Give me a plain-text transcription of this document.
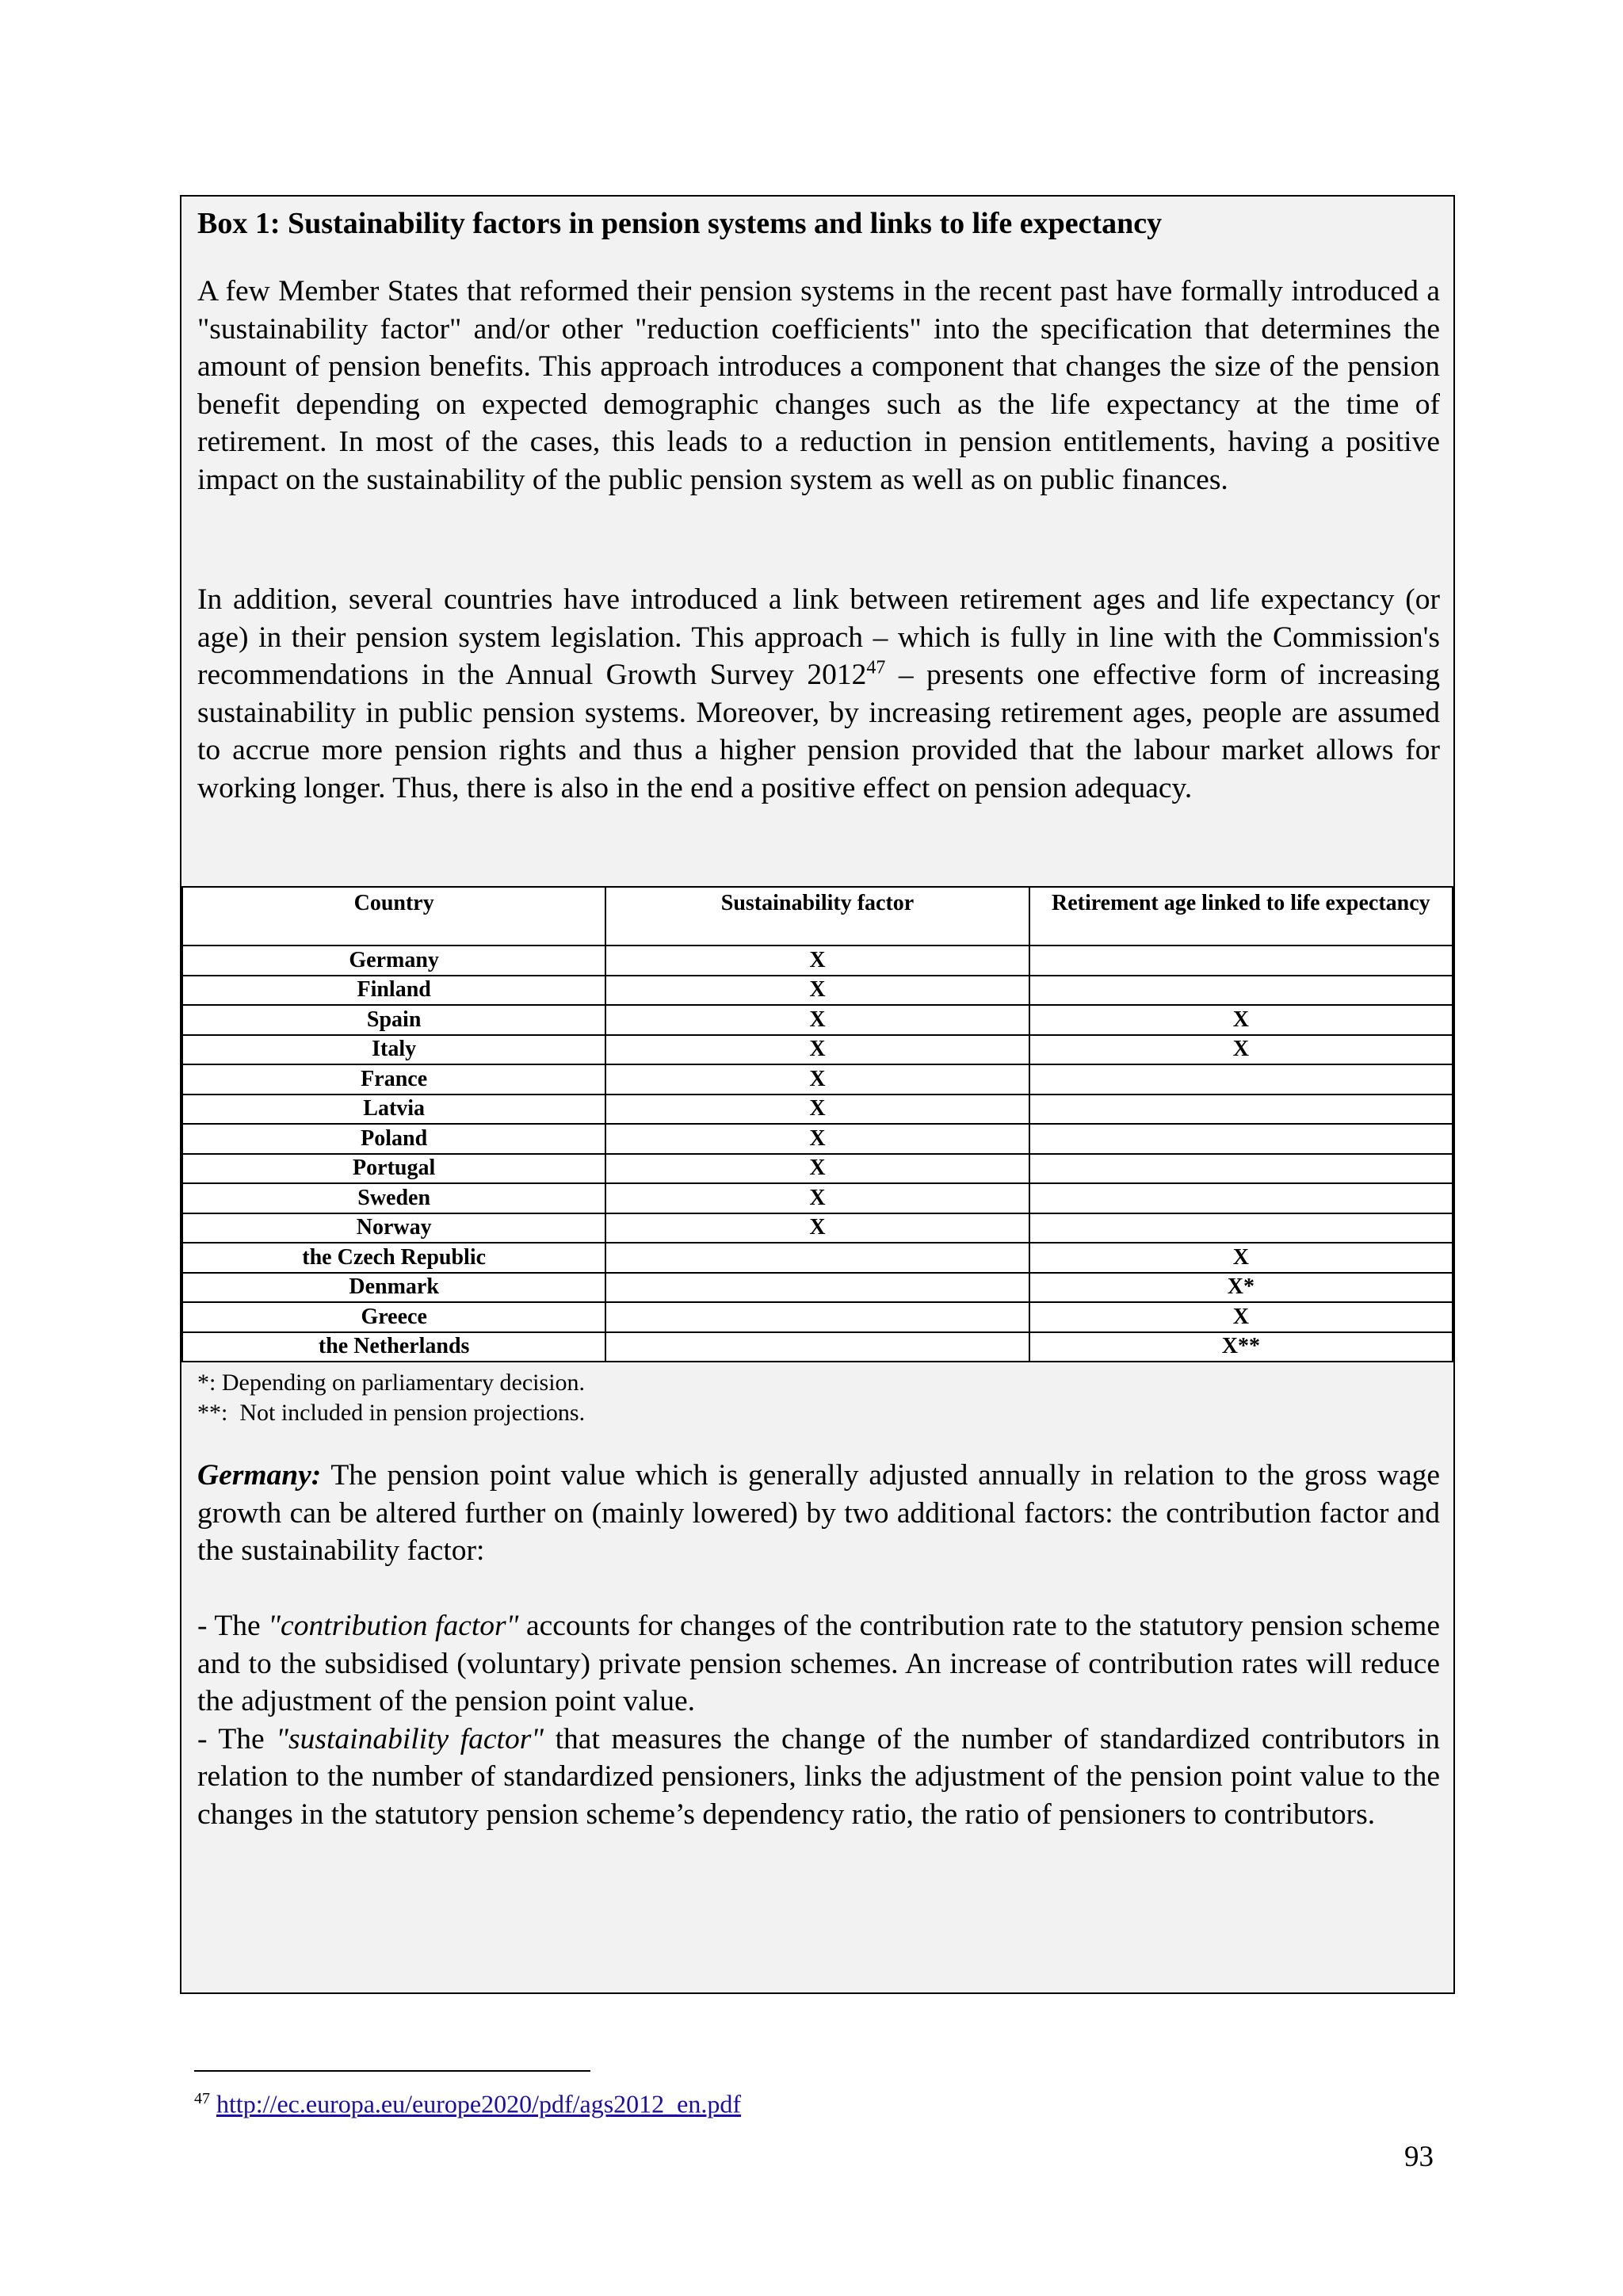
Box 1: Sustainability factors in pension systems and links to life expectancy

A few Member States that reformed their pension systems in the recent past have formally introduced a "sustainability factor" and/or other "reduction coefficients" into the specification that determines the amount of pension benefits. This approach introduces a component that changes the size of the pension benefit depending on expected demographic changes such as the life expectancy at the time of retirement. In most of the cases, this leads to a reduction in pension entitlements, having a positive impact on the sustainability of the public pension system as well as on public finances.

In addition, several countries have introduced a link between retirement ages and life expectancy (or age) in their pension system legislation. This approach – which is fully in line with the Commission's recommendations in the Annual Growth Survey 2012$^{47}$ – presents one effective form of increasing sustainability in public pension systems. Moreover, by increasing retirement ages, people are assumed to accrue more pension rights and thus a higher pension provided that the labour market allows for working longer. Thus, there is also in the end a positive effect on pension adequacy.

Country	Sustainability factor	Retirement age linked to life expectancy
Germany	X	
Finland	X	
Spain	X	X
Italy	X	X
France	X	
Latvia	X	
Poland	X	
Portugal	X	
Sweden	X	
Norway	X	
the Czech Republic		X
Denmark		X*
Greece		X
the Netherlands		X**
*: Depending on parliamentary decision.
**:  Not included in pension projections.

Germany: The pension point value which is generally adjusted annually in relation to the gross wage growth can be altered further on (mainly lowered) by two additional factors: the contribution factor and the sustainability factor:

- The "contribution factor" accounts for changes of the contribution rate to the statutory pension scheme and to the subsidised (voluntary) private pension schemes. An increase of contribution rates will reduce the adjustment of the pension point value.
- The "sustainability factor" that measures the change of the number of standardized contributors in relation to the number of standardized pensioners, links the adjustment of the pension point value to the changes in the statutory pension scheme’s dependency ratio, the ratio of pensioners to contributors.

$^{47}$ http://ec.europa.eu/europe2020/pdf/ags2012_en.pdf
93
